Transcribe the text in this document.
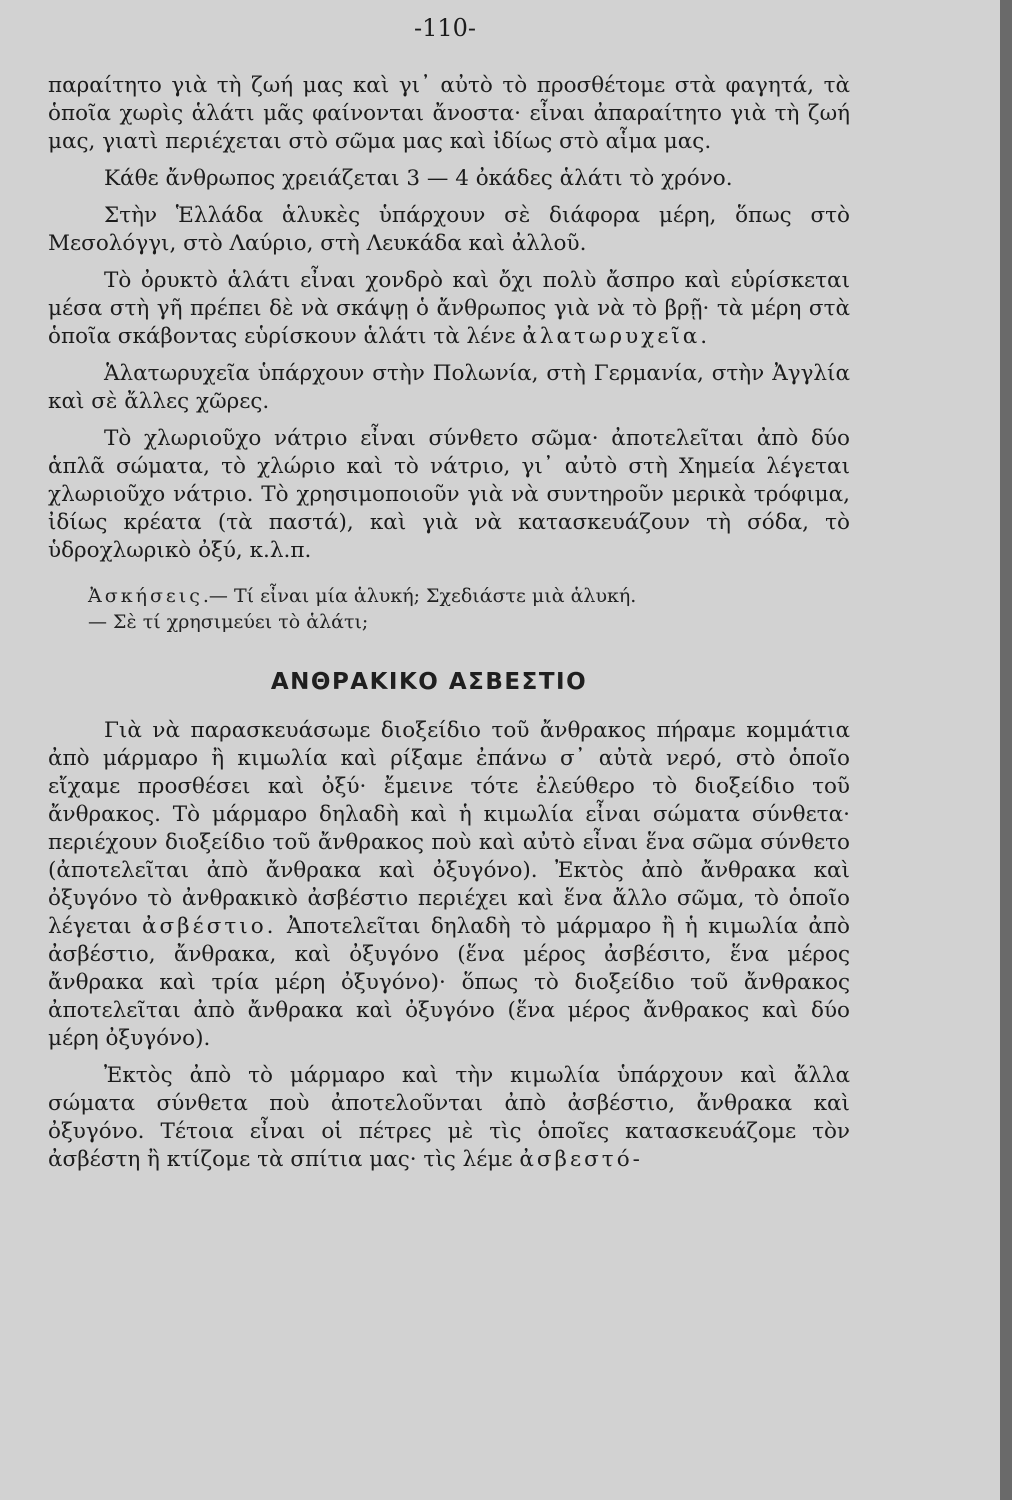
-110-

παραίτητο γιὰ τὴ ζωή μας καὶ γι᾿ αὐτὸ τὸ προσθέτομε στὰ φαγητά, τὰ ὁποῖα χωρὶς ἁλάτι μᾶς φαίνονται ἄνοστα· εἶναι ἀπαραίτητο γιὰ τὴ ζωή μας, γιατὶ περιέχεται στὸ σῶμα μας καὶ ἰδίως στὸ αἷμα μας.

Κάθε ἄνθρωπος χρειάζεται 3 — 4 ὀκάδες ἁλάτι τὸ χρόνο.

Στὴν Ἑλλάδα ἁλυκὲς ὑπάρχουν σὲ διάφορα μέρη, ὅπως στὸ Μεσολόγγι, στὸ Λαύριο, στὴ Λευκάδα καὶ ἀλλοῦ.

Τὸ ὀρυκτὸ ἁλάτι εἶναι χονδρὸ καὶ ὄχι πολὺ ἄσπρο καὶ εὑρίσκεται μέσα στὴ γῆ πρέπει δὲ νὰ σκάψῃ ὁ ἄνθρωπος γιὰ νὰ τὸ βρῇ· τὰ μέρη στὰ ὁποῖα σκάβοντας εὑρίσκουν ἁλάτι τὰ λένε ἀλατωρυχεῖα.

Ἁλατωρυχεῖα ὑπάρχουν στὴν Πολωνία, στὴ Γερμανία, στὴν Ἀγγλία καὶ σὲ ἄλλες χῶρες.

Τὸ χλωριοῦχο νάτριο εἶναι σύνθετο σῶμα· ἀποτελεῖται ἀπὸ δύο ἁπλᾶ σώματα, τὸ χλώριο καὶ τὸ νάτριο, γι᾿ αὐτὸ στὴ Χημεία λέγεται χλωριοῦχο νάτριο. Τὸ χρησιμοποιοῦν γιὰ νὰ συντηροῦν μερικὰ τρόφιμα, ἰδίως κρέατα (τὰ παστά), καὶ γιὰ νὰ κατασκευάζουν τὴ σόδα, τὸ ὑδροχλωρικὸ ὀξύ, κ.λ.π.

Ἀσκήσεις.— Τί εἶναι μία ἁλυκή; Σχεδιάστε μιὰ ἁλυκή.

— Σὲ τί χρησιμεύει τὸ ἁλάτι;

ΑΝΘΡΑΚΙΚΟ ΑΣΒΕΣΤΙΟ

Γιὰ νὰ παρασκευάσωμε διοξείδιο τοῦ ἄνθρακος πήραμε κομμάτια ἀπὸ μάρμαρο ἢ κιμωλία καὶ ρίξαμε ἐπάνω σ᾿ αὐτὰ νερό, στὸ ὁποῖο εἴχαμε προσθέσει καὶ ὀξύ· ἔμεινε τότε ἐλεύθερο τὸ διοξείδιο τοῦ ἄνθρακος. Τὸ μάρμαρο δηλαδὴ καὶ ἡ κιμωλία εἶναι σώματα σύνθετα· περιέχουν διοξείδιο τοῦ ἄνθρακος ποὺ καὶ αὐτὸ εἶναι ἕνα σῶμα σύνθετο (ἀποτελεῖται ἀπὸ ἄνθρακα καὶ ὀξυγόνο). Ἐκτὸς ἀπὸ ἄνθρακα καὶ ὀξυγόνο τὸ ἀνθρακικὸ ἀσβέστιο περιέχει καὶ ἕνα ἄλλο σῶμα, τὸ ὁποῖο λέγεται ἀσβέστιο. Ἀποτελεῖται δηλαδὴ τὸ μάρμαρο ἢ ἡ κιμωλία ἀπὸ ἀσβέστιο, ἄνθρακα, καὶ ὀξυγόνο (ἕνα μέρος ἀσβέσιτο, ἕνα μέρος ἄνθρακα καὶ τρία μέρη ὀξυγόνο)· ὅπως τὸ διοξείδιο τοῦ ἄνθρακος ἀποτελεῖται ἀπὸ ἄνθρακα καὶ ὀξυγόνο (ἕνα μέρος ἄνθρακος καὶ δύο μέρη ὀξυγόνο).

Ἐκτὸς ἀπὸ τὸ μάρμαρο καὶ τὴν κιμωλία ὑπάρχουν καὶ ἄλλα σώματα σύνθετα ποὺ ἀποτελοῦνται ἀπὸ ἀσβέστιο, ἄνθρακα καὶ ὀξυγόνο. Τέτοια εἶναι οἱ πέτρες μὲ τὶς ὁποῖες κατασκευάζομε τὸν ἀσβέστη ἢ κτίζομε τὰ σπίτια μας· τὶς λέμε ἀσβεστό-
